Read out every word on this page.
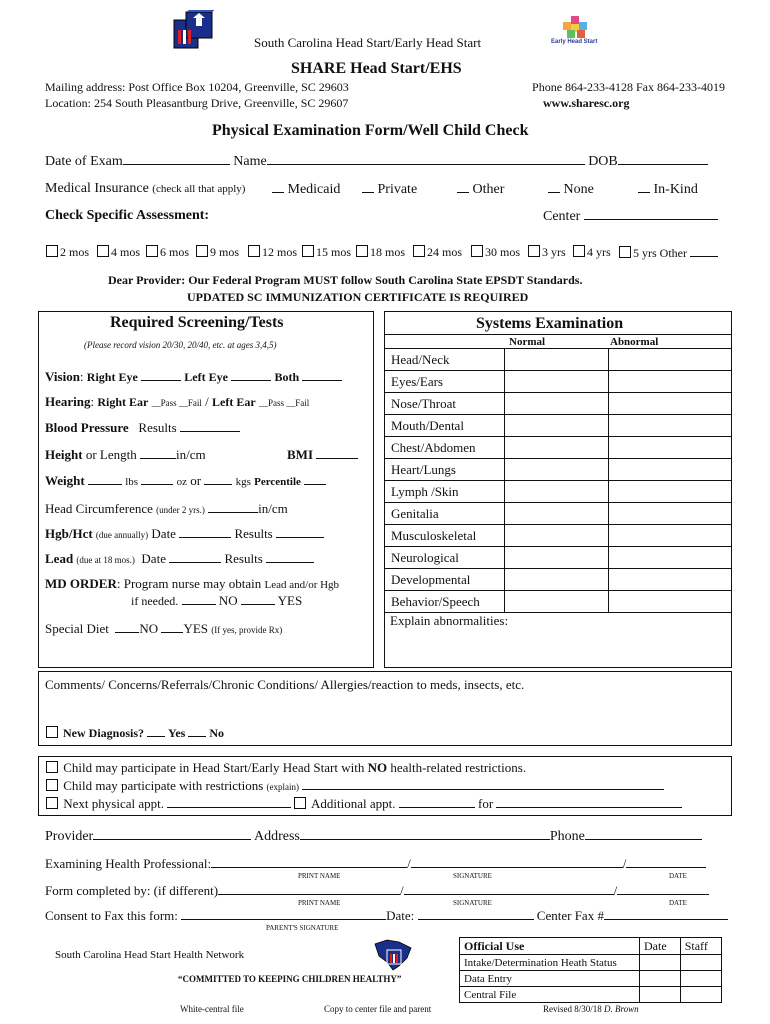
South Carolina Head Start/Early Head Start	Early Head Start
SHARE Head Start/EHS
Mailing address: Post Office Box 10204, Greenville, SC 29603
Location: 254 South Pleasantburg Drive, Greenville, SC 29607
Phone 864-233-4128 Fax 864-233-4019
www.sharesc.org
Physical Examination Form/Well Child Check
Date of Exam	Name	DOB
Medical Insurance (check all that apply)	Medicaid	Private	Other	None	In-Kind
Check Specific Assessment:	Center
2 mos	4 mos	6 mos	9 mos	12 mos	15 mos	18 mos	24 mos	30 mos	3 yrs	4 yrs	5 yrs Other
Dear Provider: Our Federal Program MUST follow South Carolina State EPSDT Standards.
UPDATED SC IMMUNIZATION CERTIFICATE IS REQUIRED
Required Screening/Tests
(Please record vision 20/30, 20/40, etc. at ages 3,4,5)
Vision: Right Eye	Left Eye	Both
Hearing: Right Ear __Pass __Fail / Left Ear __Pass __Fail
Blood Pressure Results
Height or Length	in/cm	BMI
Weight	lbs	oz or	kgs Percentile
Head Circumference (under 2 yrs.)	in/cm
Hgb/Hct (due annually) Date	Results
Lead (due at 18 mos.) Date	Results
MD ORDER: Program nurse may obtain Lead and/or Hgb
if needed.	NO	YES
Special Diet NO YES (If yes, provide Rx)
Systems Examination
Normal	Abnormal
Head/Neck		
Eyes/Ears		
Nose/Throat		
Mouth/Dental		
Chest/Abdomen		
Heart/Lungs		
Lymph /Skin		
Genitalia		
Musculoskeletal		
Neurological		
Developmental		
Behavior/Speech		
Explain abnormalities:
Comments/ Concerns/Referrals/Chronic Conditions/ Allergies/reaction to meds, insects, etc.
New Diagnosis? Yes No
Child may participate in Head Start/Early Head Start with NO health-related restrictions.
Child may participate with restrictions (explain)
Next physical appt.	Additional appt.	for
Provider	Address	Phone
Examining Health Professional:	/	/
PRINT NAME	SIGNATURE	DATE
Form completed by: (if different)	/	/
PRINT NAME	SIGNATURE	DATE
Consent to Fax this form:	Date:	Center Fax #
PARENT'S SIGNATURE
South Carolina Head Start Health Network
“COMMITTED TO KEEPING CHILDREN HEALTHY”
White-central file	Copy to center file and parent	Revised 8/30/18 D. Brown
Official Use	Date	Staff
Intake/Determination Heath Status		
Data Entry		
Central File		
